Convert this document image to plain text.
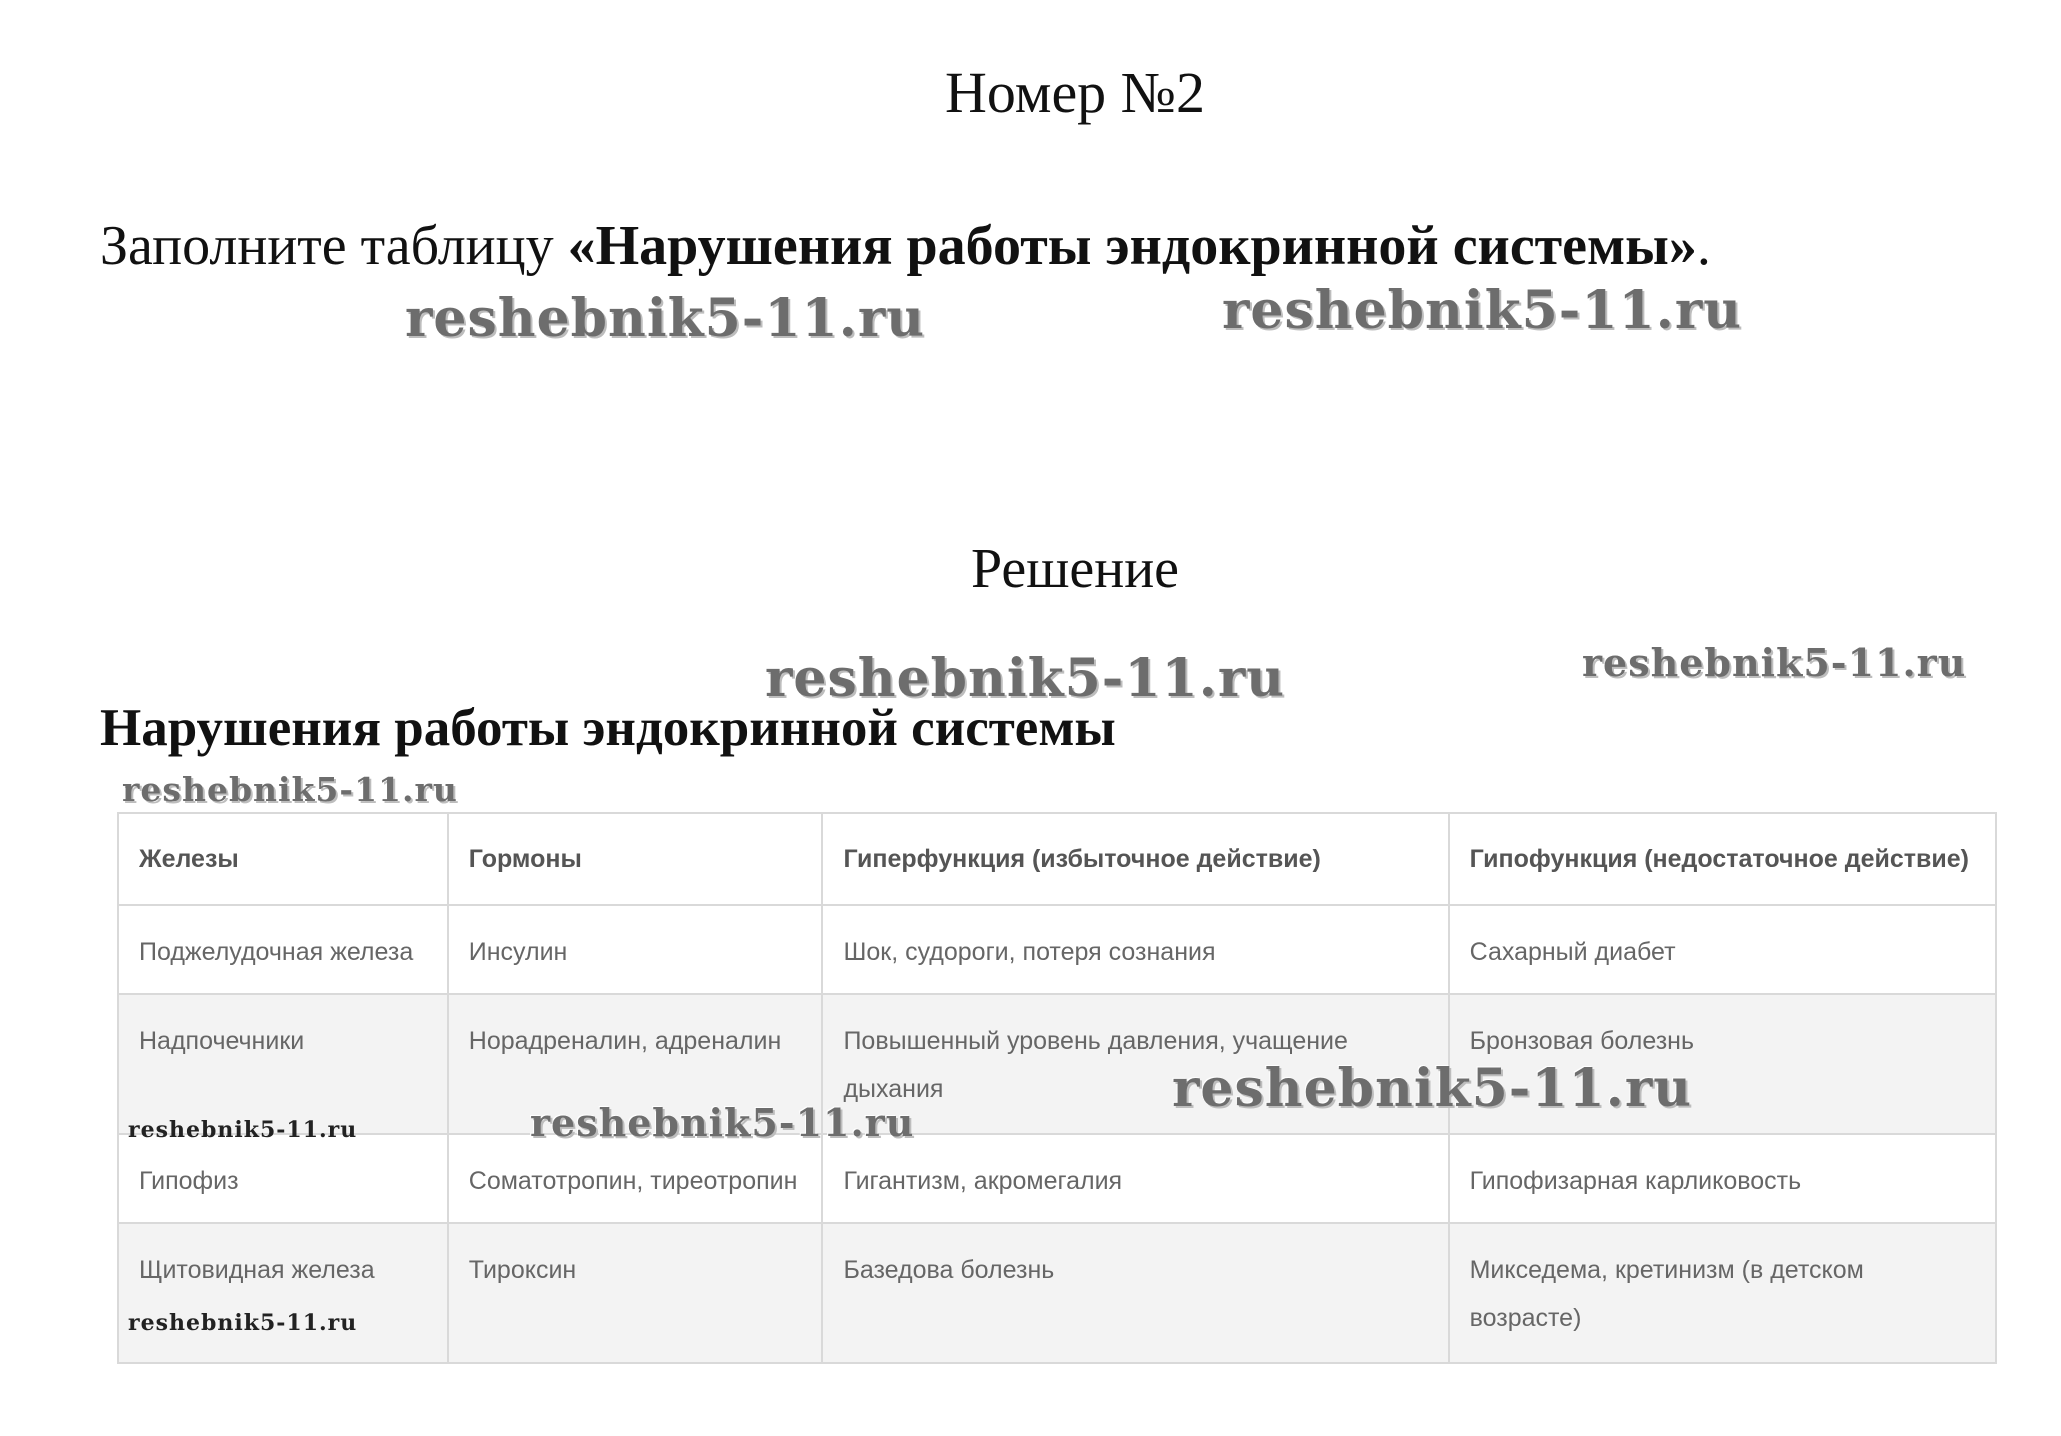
Номер №2
Заполните таблицу «Нарушения работы эндокринной системы».
Решение
Нарушения работы эндокринной системы
Железы	Гормоны	Гиперфункция (избыточное действие)	Гипофункция (недостаточное действие)
Поджелудочная железа	Инсулин	Шок, судороги, потеря сознания	Сахарный диабет
Надпочечники	Норадреналин, адреналин	Повышенный уровень давления, учащение дыхания	Бронзовая болезнь
Гипофиз	Соматотропин, тиреотропин	Гигантизм, акромегалия	Гипофизарная карликовость
Щитовидная железа	Тироксин	Базедова болезнь	Микседема, кретинизм (в детском возрасте)
reshebnik5-11.ru	reshebnik5-11.ru
reshebnik5-11.ru	reshebnik5-11.ru
reshebnik5-11.ru
reshebnik5-11.ru
reshebnik5-11.ru
reshebnik5-11.ru
reshebnik5-11.ru
